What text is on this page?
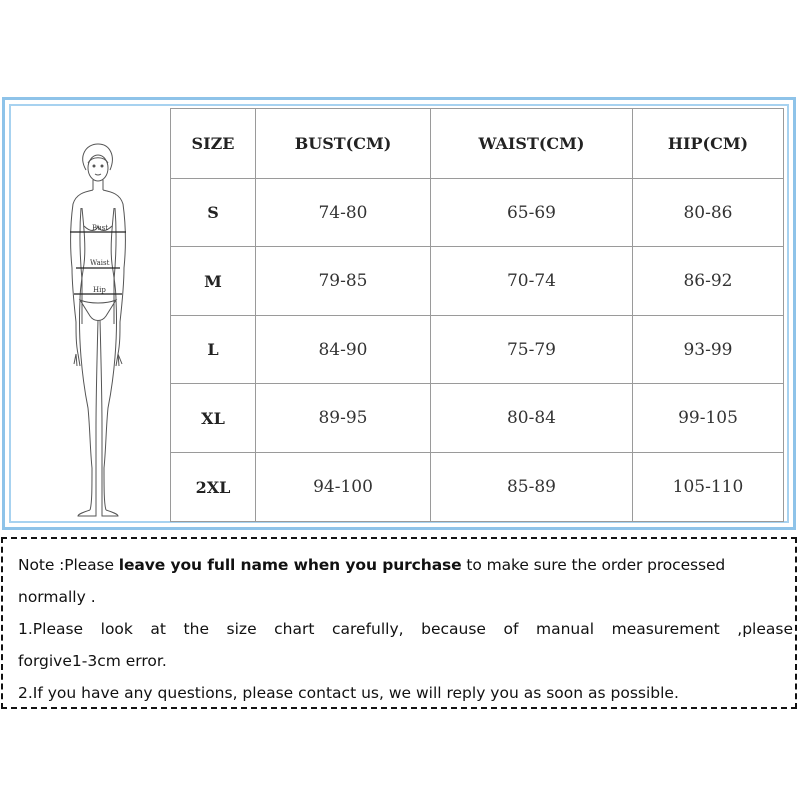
Bust
Waist
Hip
SIZE	BUST(CM)	WAIST(CM)	HIP(CM)
S	74-80	65-69	80-86
M	79-85	70-74	86-92
L	84-90	75-79	93-99
XL	89-95	80-84	99-105
2XL	94-100	85-89	105-110

Note :Please leave you full name when you purchase to make sure the order processed

normally .

1.Please look at the size chart carefully, because of manual measurement ,please

forgive1-3cm error.

2.If you have any questions, please contact us, we will reply you as soon as possible.
